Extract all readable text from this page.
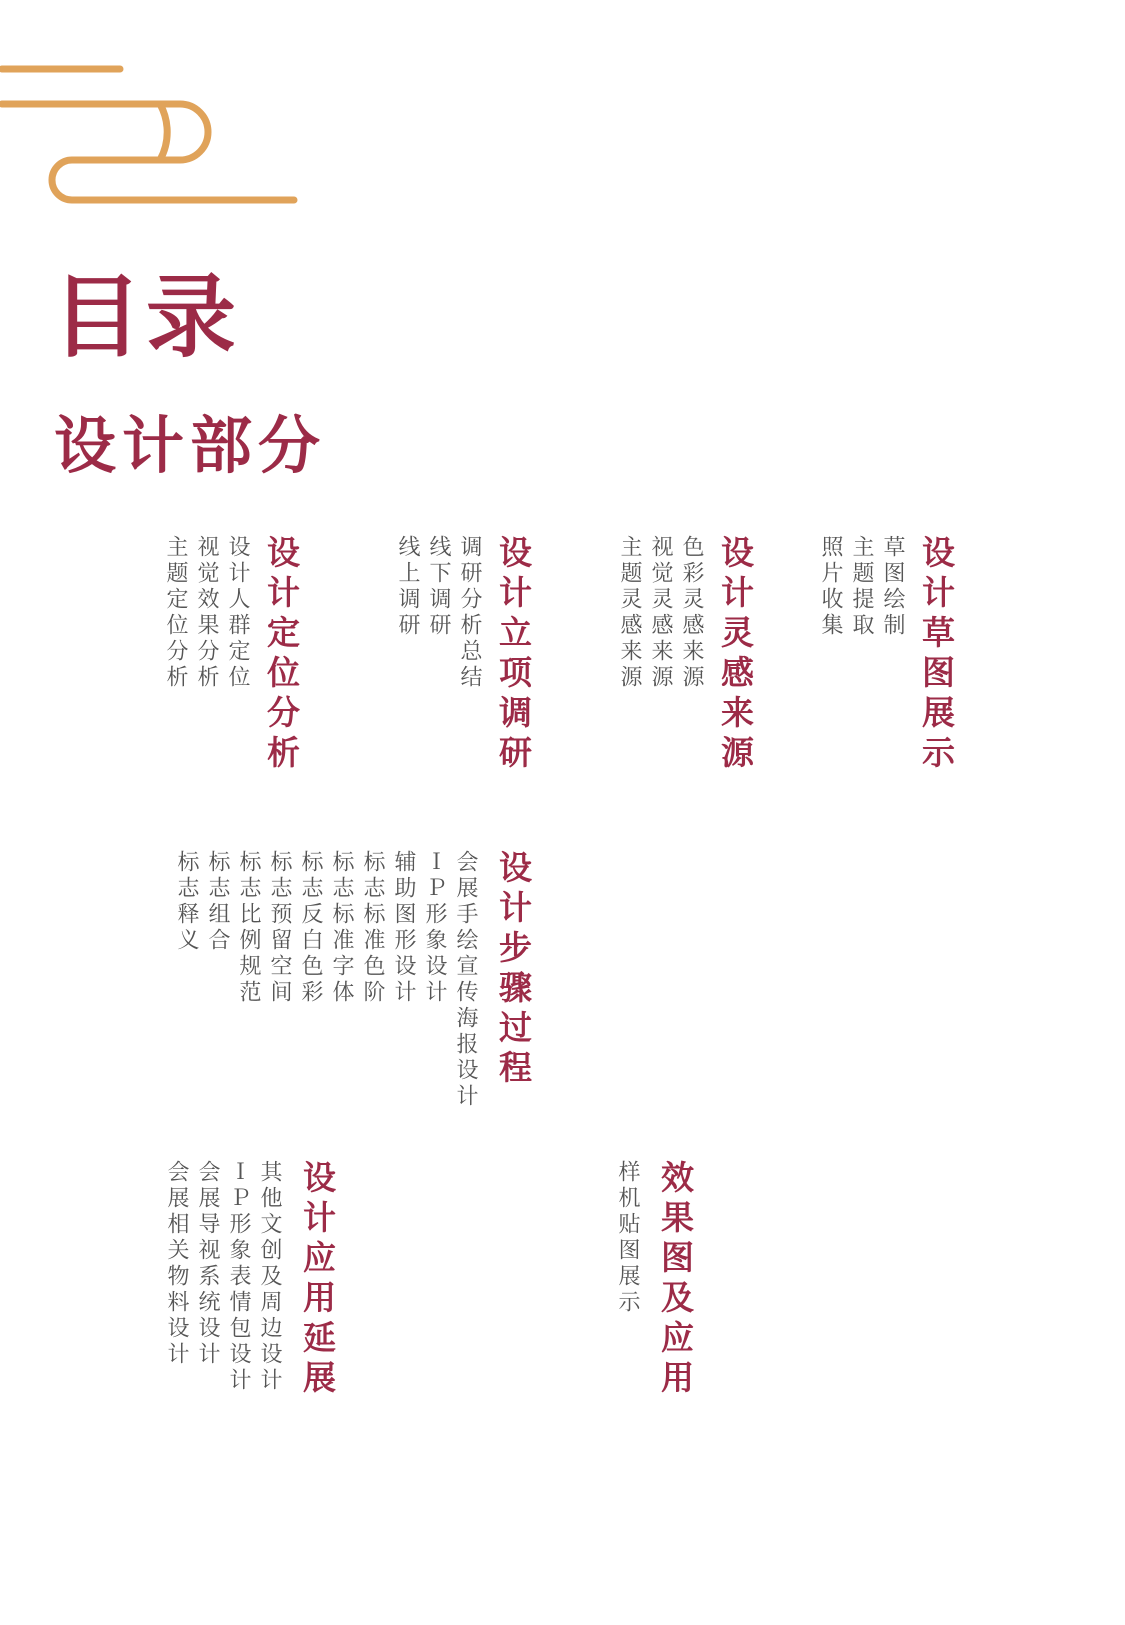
目录
设计部分
设计定位分析
设计人群定位
视觉效果分析
主题定位分析	设计立项调研
调研分析总结
线下调研
线上调研	设计灵感来源
色彩灵感来源
视觉灵感来源
主题灵感来源	设计草图展示
草图绘制
主题提取
照片收集
设计步骤过程
会展手绘宣传海报设计
ＩＰ形象设计
辅助图形设计
标志标准色阶
标志标准字体
标志反白色彩
标志预留空间
标志比例规范
标志组合
标志释义
设计应用延展
其他文创及周边设计
ＩＰ形象表情包设计
会展导视系统设计
会展相关物料设计	效果图及应用
样机贴图展示
